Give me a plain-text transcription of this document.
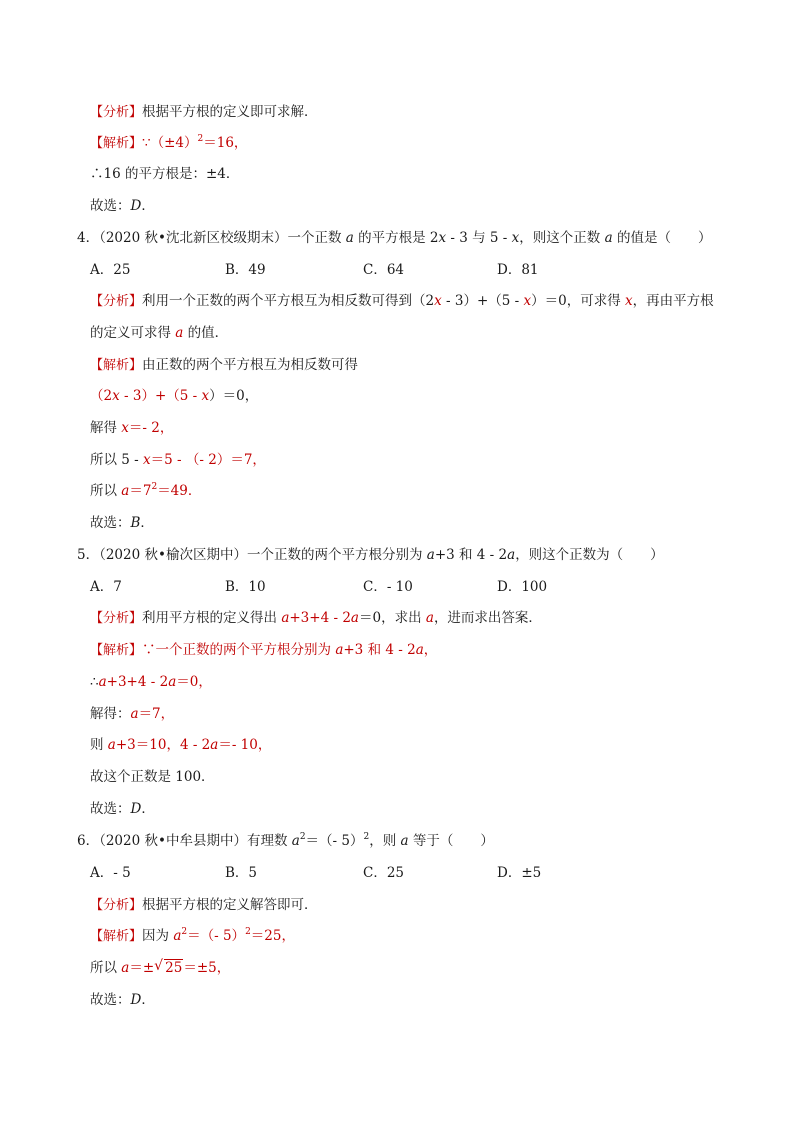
【分析】根据平方根的定义即可求解．
【解析】$\because(\pm 4)^2=16$，
∴16 的平方根是：±4．
故选：D．
4．（2020 秋•沈北新区校级期末）一个正数 a 的平方根是 2x - 3 与 5 - x，则这个正数 a 的值是（　　）
A．25	B．49	C．64	D．81
【分析】利用一个正数的两个平方根互为相反数可得到（2x - 3）+（5 - x）＝0，可求得 x，再由平方根
的定义可求得 a 的值．
【解析】由正数的两个平方根互为相反数可得
（2x - 3）+（5 - x）＝0，
解得 x＝- 2，
所以 5 - x＝5 - （- 2）＝7，
所以 $a=7^2=49$．
故选：B．
5．（2020 秋•榆次区期中）一个正数的两个平方根分别为 a+3 和 4 - 2a，则这个正数为（　　）
A．7	B．10	C．- 10	D．100
【分析】利用平方根的定义得出 a+3+4 - 2a＝0，求出 a，进而求出答案．
【解析】∵一个正数的两个平方根分别为 a+3 和 4 - 2a，
∴a+3+4 - 2a＝0，
解得：a＝7，
则 a+3＝10，4 - 2a＝- 10，
故这个正数是 100．
故选：D．
6．（2020 秋•中牟县期中）有理数 $a^2=(-$ 5）$^2$，则 a 等于（　　）
A．- 5	B．5	C．25	D．±5
【分析】根据平方根的定义解答即可．
【解析】因为 $a^2=(-$ 5）$^2$＝25，
所以 a＝± √ 25＝±5，
故选：D．
